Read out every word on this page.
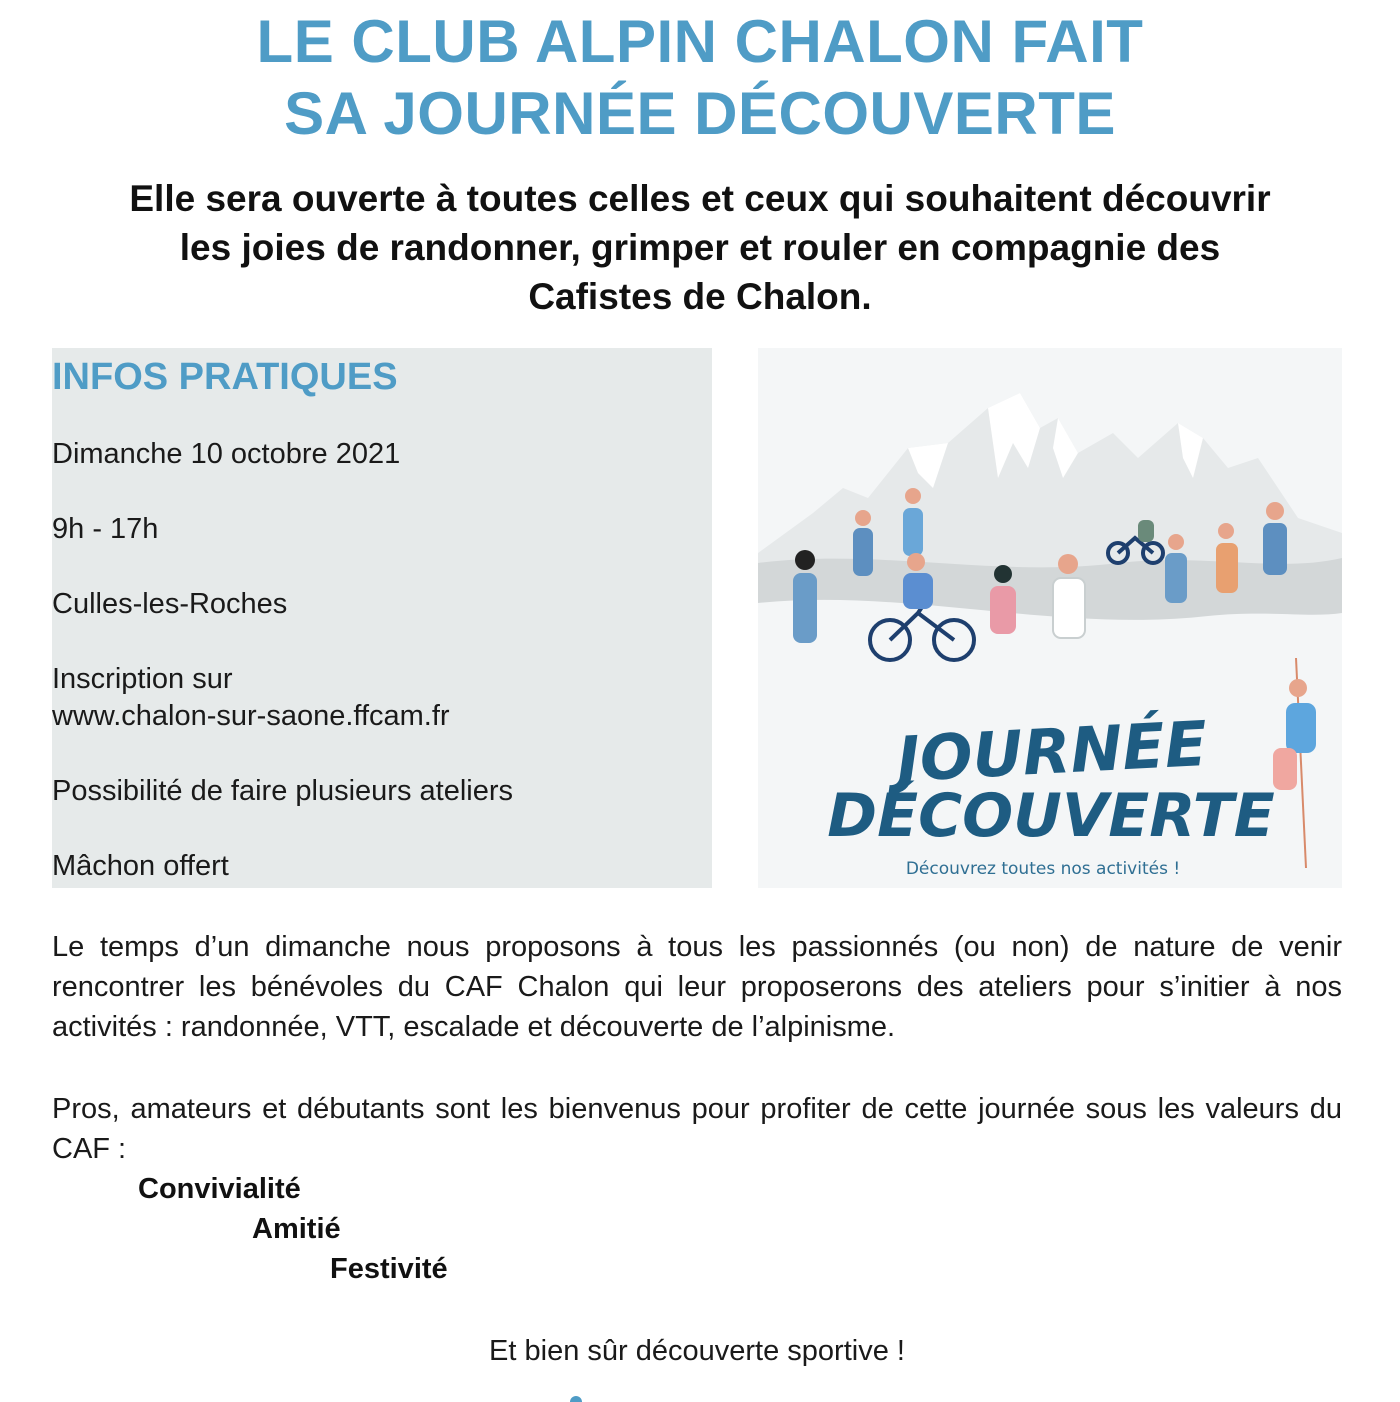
LE CLUB ALPIN CHALON FAIT
SA JOURNÉE DÉCOUVERTE

Elle sera ouverte à toutes celles et ceux qui souhaitent découvrir
les joies de randonner, grimper et rouler en compagnie des
Cafistes de Chalon.

INFOS PRATIQUES
Dimanche 10 octobre 2021
9h - 17h
Culles-les-Roches
Inscription sur
www.chalon-sur-saone.ffcam.fr
Possibilité de faire plusieurs ateliers
Mâchon offert
JOURNÉE
DÉCOUVERTE
Découvrez toutes nos activités !

Le temps d’un dimanche nous proposons à tous les passionnés (ou non) de nature de venir rencontrer les bénévoles du CAF Chalon qui leur proposerons des ateliers pour s’initier à nos activités : randonnée, VTT, escalade et découverte de l’alpinisme.

Pros, amateurs et débutants sont les bienvenus pour profiter de cette journée sous les valeurs du CAF :

Convivialité
Amitié
Festivité
Et bien sûr découverte sportive !
